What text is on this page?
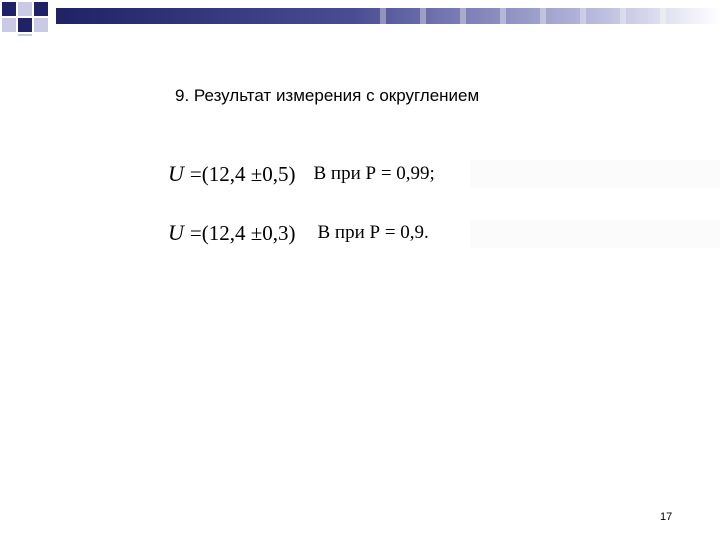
9. Результат измерения с округлением
U =(12,4 ±0,5) В при Р = 0,99;
U =(12,4 ±0,3) В при Р = 0,9.
17
